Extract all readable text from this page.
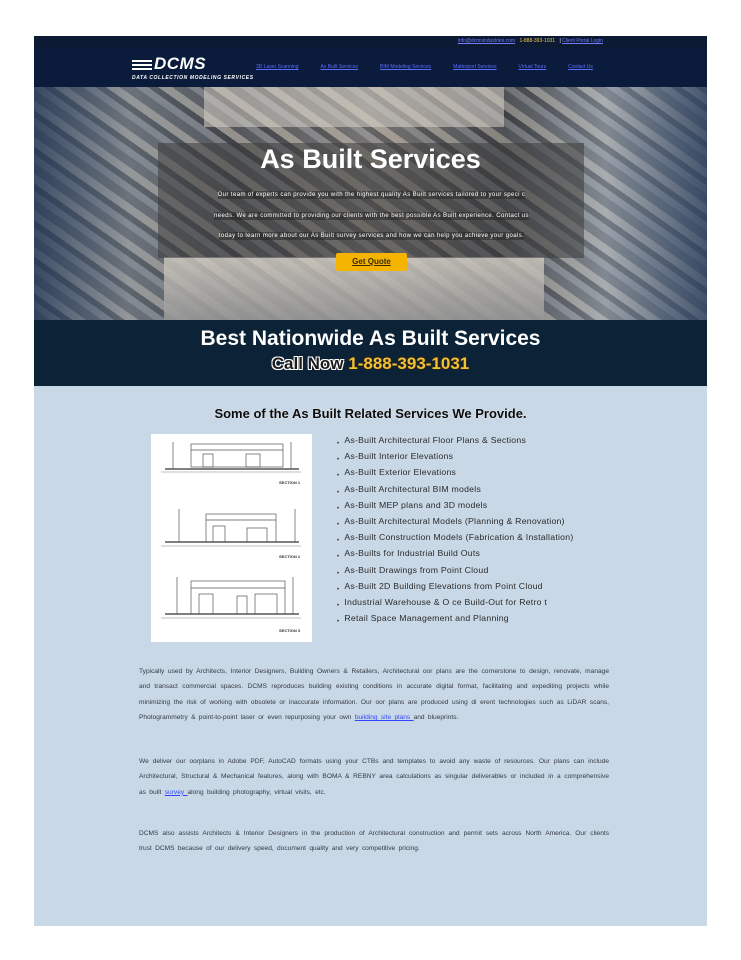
info@dcmsindustries.com 1-888-393-1031 | Client Portal Login
DCMS
DATA COLLECTION MODELING SERVICES
3D Laser Scanning	As Built Services	BIM Modeling Services	Matterport Services	Virtual Tours	Contact Us
As Built Services
Our team of experts can provide you with the highest quality As Built services tailored to your speci c needs. We are committed to providing our clients with the best possible As Built experience. Contact us today to learn more about our As Built survey services and how we can help you achieve your goals.
Get Quote
Best Nationwide As Built Services
Call Now 1-888-393-1031
Some of the As Built Related Services We Provide.
SECTION 1
SECTION 2
SECTION 3
• As-Built Architectural Floor Plans & Sections
• As-Built Interior Elevations
• As-Built Exterior Elevations
• As-Built Architectural BIM models
• As-Built MEP plans and 3D models
• As-Built Architectural Models (Planning & Renovation)
• As-Built Construction Models (Fabrication & Installation)
• As-Builts for Industrial Build Outs
• As-Built Drawings from Point Cloud
• As-Built 2D Building Elevations from Point Cloud
• Industrial Warehouse & O ce Build-Out for Retro t
• Retail Space Management and Planning
Typically used by Architects, Interior Designers, Building Owners & Retailers, Architectural oor plans are the cornerstone to design, renovate, manage and transact commercial spaces. DCMS reproduces building existing conditions in accurate digital format, facilitating and expediting projects while minimizing the risk of working with obsolete or inaccurate information. Our oor plans are produced using di erent technologies such as LiDAR scans, Photogrammetry & point-to-point laser or even repurposing your own building site plans and blueprints.
We deliver our oorplans in Adobe PDF, AutoCAD formats using your CTBs and templates to avoid any waste of resources. Our plans can include Architectural, Structural & Mechanical features, along with BOMA & REBNY area calculations as singular deliverables or included in a comprehensive as built survey along building photography, virtual visits, etc.
DCMS also assists Architects & Interior Designers in the production of Architectural construction and permit sets across North America. Our clients trust DCMS because of our delivery speed, document quality and very competitive pricing.
